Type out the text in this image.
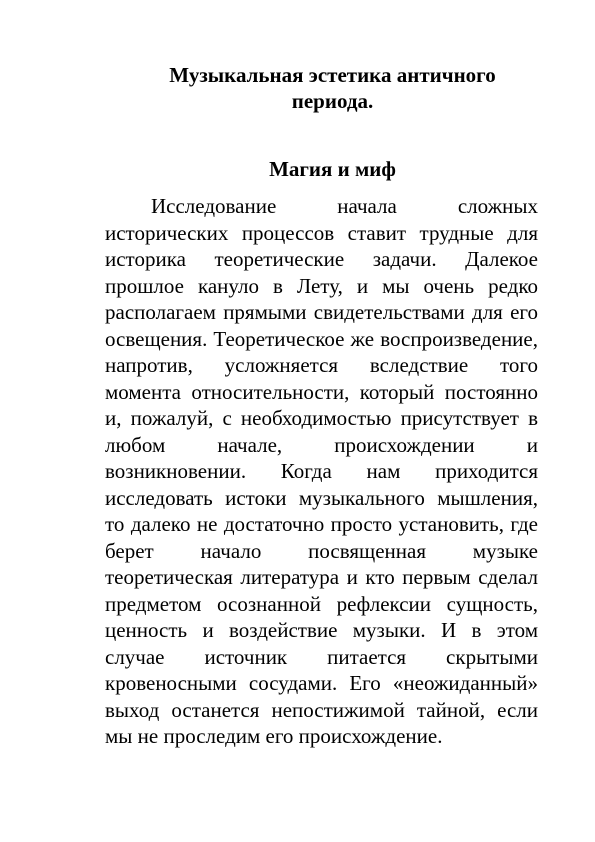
Музыкальная эстетика античного
периода.
Магия и миф

Исследование начала сложных исторических процессов ставит трудные для историка теоретические задачи. Далекое прошлое кануло в Лету, и мы очень редко располагаем прямыми свидетельствами для его освещения. Теоретическое же воспроизведение, напротив, усложняется вследствие того момента относительности, который постоянно и, пожалуй, с необходимостью присутствует в любом начале, происхождении и возникновении. Когда нам приходится исследовать истоки музыкального мышления, то далеко не достаточно просто установить, где берет начало посвященная музыке теоретическая литература и кто первым сделал предметом осознанной рефлексии сущность, ценность и воздействие музыки. И в этом случае источник питается скрытыми кровеносными сосудами. Его «неожиданный» выход останется непостижимой тайной, если мы не проследим его происхождение.
